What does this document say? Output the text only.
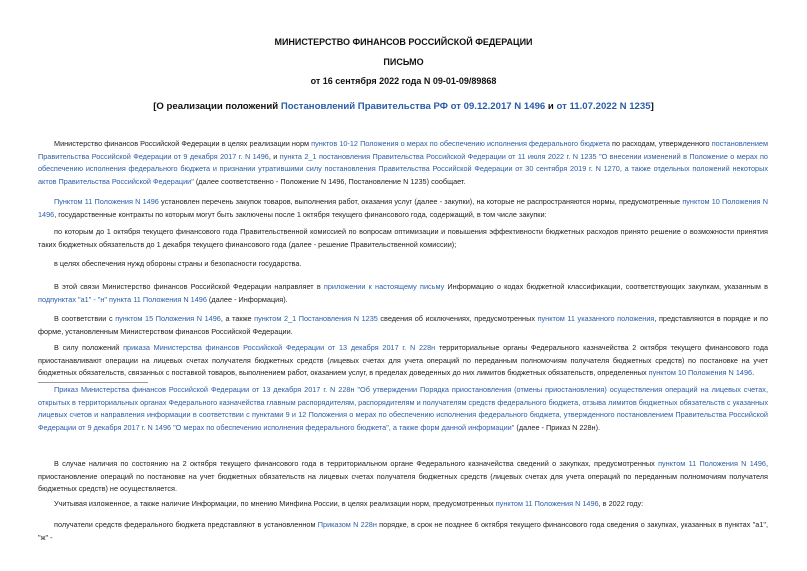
МИНИСТЕРСТВО ФИНАНСОВ РОССИЙСКОЙ ФЕДЕРАЦИИ
ПИСЬМО
от 16 сентября 2022 года N 09-01-09/89868
[О реализации положений Постановлений Правительства РФ от 09.12.2017 N 1496 и от 11.07.2022 N 1235]
Министерство финансов Российской Федерации в целях реализации норм пунктов 10-12 Положения о мерах по обеспечению исполнения федерального бюджета по расходам, утвержденного постановлением Правительства Российской Федерации от 9 декабря 2017 г. N 1496, и пункта 2_1 постановления Правительства Российской Федерации от 11 июля 2022 г. N 1235 "О внесении изменений в Положение о мерах по обеспечению исполнения федерального бюджета и признании утратившими силу постановления Правительства Российской Федерации от 30 сентября 2019 г. N 1270, а также отдельных положений некоторых актов Правительства Российской Федерации" (далее соответственно - Положение N 1496, Постановление N 1235) сообщает.
Пунктом 11 Положения N 1496 установлен перечень закупок товаров, выполнения работ, оказания услуг (далее - закупки), на которые не распространяются нормы, предусмотренные пунктом 10 Положения N 1496, государственные контракты по которым могут быть заключены после 1 октября текущего финансового года, содержащий, в том числе закупки:
по которым до 1 октября текущего финансового года Правительственной комиссией по вопросам оптимизации и повышения эффективности бюджетных расходов принято решение о возможности принятия таких бюджетных обязательств до 1 декабря текущего финансового года (далее - решение Правительственной комиссии);
в целях обеспечения нужд обороны страны и безопасности государства.
В этой связи Министерство финансов Российской Федерации направляет в приложении к настоящему письму Информацию о кодах бюджетной классификации, соответствующих закупкам, указанным в подпунктах "а1" - "н" пункта 11 Положения N 1496 (далее - Информация).
В соответствии с пунктом 15 Положения N 1496, а также пунктом 2_1 Постановления N 1235 сведения об исключениях, предусмотренных пунктом 11 указанного положения, представляются в порядке и по форме, установленным Министерством финансов Российской Федерации.
В силу положений приказа Министерства финансов Российской Федерации от 13 декабря 2017 г. N 228н территориальные органы Федерального казначейства 2 октября текущего финансового года приостанавливают операции на лицевых счетах получателя бюджетных средств (лицевых счетах для учета операций по переданным полномочиям получателя бюджетных средств) по постановке на учет бюджетных обязательств, связанных с поставкой товаров, выполнением работ, оказанием услуг, в пределах доведенных до них лимитов бюджетных обязательств, определенных пунктом 10 Положения N 1496.
Приказ Министерства финансов Российской Федерации от 13 декабря 2017 г. N 228н "Об утверждении Порядка приостановления (отмены приостановления) осуществления операций на лицевых счетах, открытых в территориальных органах Федерального казначейства главным распорядителям, распорядителям и получателям средств федерального бюджета, отзыва лимитов бюджетных обязательств с указанных лицевых счетов и направления информации в соответствии с пунктами 9 и 12 Положения о мерах по обеспечению исполнения федерального бюджета, утвержденного постановлением Правительства Российской Федерации от 9 декабря 2017 г. N 1496 "О мерах по обеспечению исполнения федерального бюджета", а также форм данной информации" (далее - Приказ N 228н).
В случае наличия по состоянию на 2 октября текущего финансового года в территориальном органе Федерального казначейства сведений о закупках, предусмотренных пунктом 11 Положения N 1496, приостановление операций по постановке на учет бюджетных обязательств на лицевых счетах получателя бюджетных средств (лицевых счетах для учета операций по переданным полномочиям получателя бюджетных средств) не осуществляется.
Учитывая изложенное, а также наличие Информации, по мнению Минфина России, в целях реализации норм, предусмотренных пунктом 11 Положения N 1496, в 2022 году:
получатели средств федерального бюджета представляют в установленном Приказом N 228н порядке, в срок не позднее 6 октября текущего финансового года сведения о закупках, указанных в пунктах "а1", "ж" -
